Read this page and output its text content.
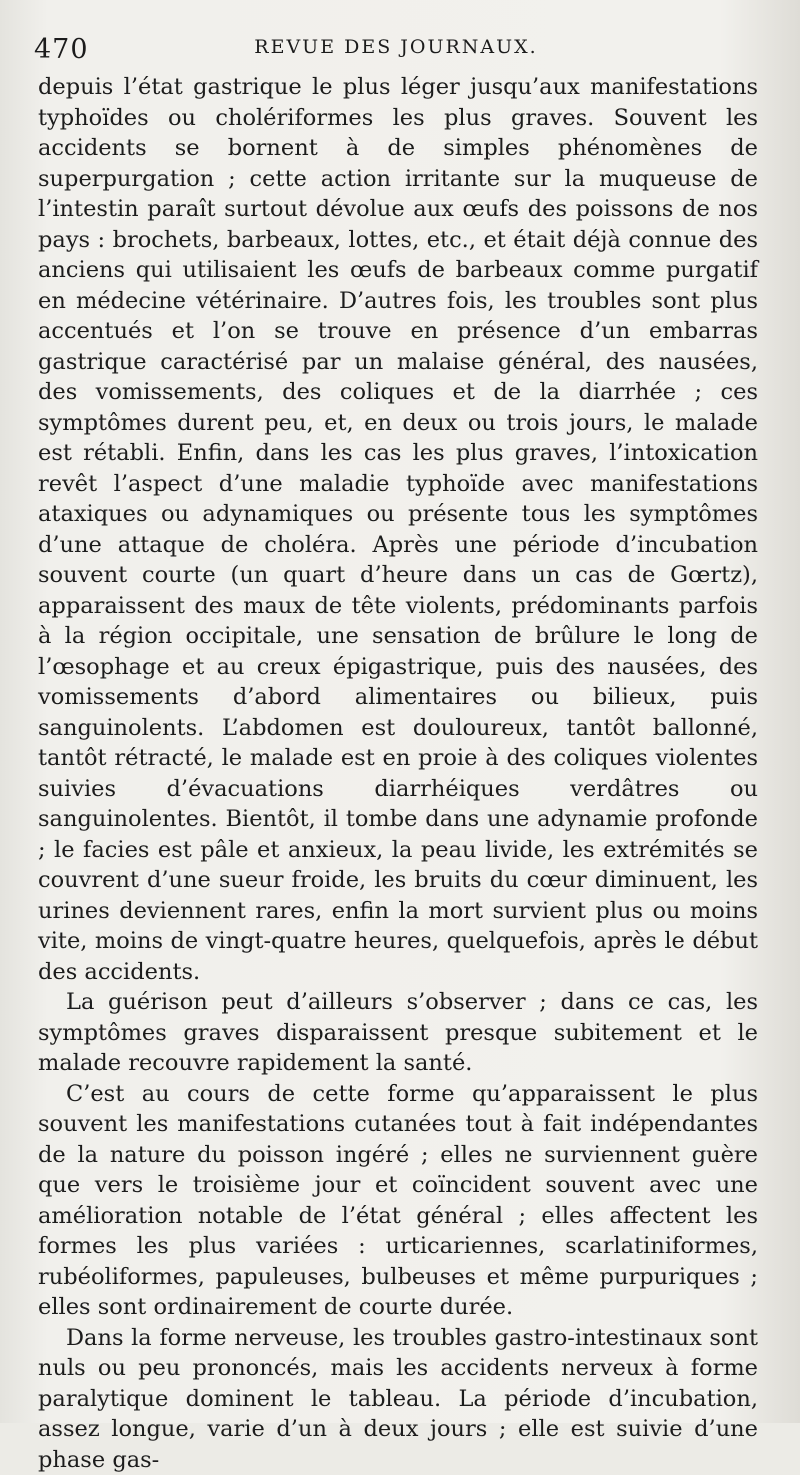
470	REVUE DES JOURNAUX.

depuis l’état gastrique le plus léger jusqu’aux manifestations typhoïdes ou cholériformes les plus graves. Souvent les accidents se bornent à de simples phénomènes de superpurgation ; cette action irritante sur la muqueuse de l’intestin paraît surtout dévolue aux œufs des poissons de nos pays : brochets, barbeaux, lottes, etc., et était déjà connue des anciens qui utilisaient les œufs de barbeaux comme purgatif en médecine vétérinaire. D’autres fois, les troubles sont plus accentués et l’on se trouve en présence d’un embarras gastrique caractérisé par un malaise général, des nausées, des vomissements, des coliques et de la diarrhée ; ces symptômes durent peu, et, en deux ou trois jours, le malade est rétabli. Enfin, dans les cas les plus graves, l’intoxication revêt l’aspect d’une maladie typhoïde avec manifestations ataxiques ou adynamiques ou présente tous les symptômes d’une attaque de choléra. Après une période d’incubation souvent courte (un quart d’heure dans un cas de Gœrtz), apparaissent des maux de tête violents, prédominants parfois à la région occipitale, une sensation de brûlure le long de l’œsophage et au creux épigastrique, puis des nausées, des vomissements d’abord alimentaires ou bilieux, puis sanguinolents. L’abdomen est douloureux, tantôt ballonné, tantôt rétracté, le malade est en proie à des coliques violentes suivies d’évacuations diarrhéiques verdâtres ou sanguinolentes. Bientôt, il tombe dans une adynamie profonde ; le facies est pâle et anxieux, la peau livide, les extrémités se couvrent d’une sueur froide, les bruits du cœur diminuent, les urines deviennent rares, enfin la mort survient plus ou moins vite, moins de vingt-quatre heures, quelquefois, après le début des accidents.

La guérison peut d’ailleurs s’observer ; dans ce cas, les symptômes graves disparaissent presque subitement et le malade recouvre rapidement la santé.

C’est au cours de cette forme qu’apparaissent le plus souvent les manifestations cutanées tout à fait indépendantes de la nature du poisson ingéré ; elles ne surviennent guère que vers le troisième jour et coïncident souvent avec une amélioration notable de l’état général ; elles affectent les formes les plus variées : urticariennes, scarlatiniformes, rubéoliformes, papuleuses, bulbeuses et même purpuriques ; elles sont ordinairement de courte durée.

Dans la forme nerveuse, les troubles gastro-intestinaux sont nuls ou peu prononcés, mais les accidents nerveux à forme paralytique dominent le tableau. La période d’incubation, assez longue, varie d’un à deux jours ; elle est suivie d’une phase gas-
